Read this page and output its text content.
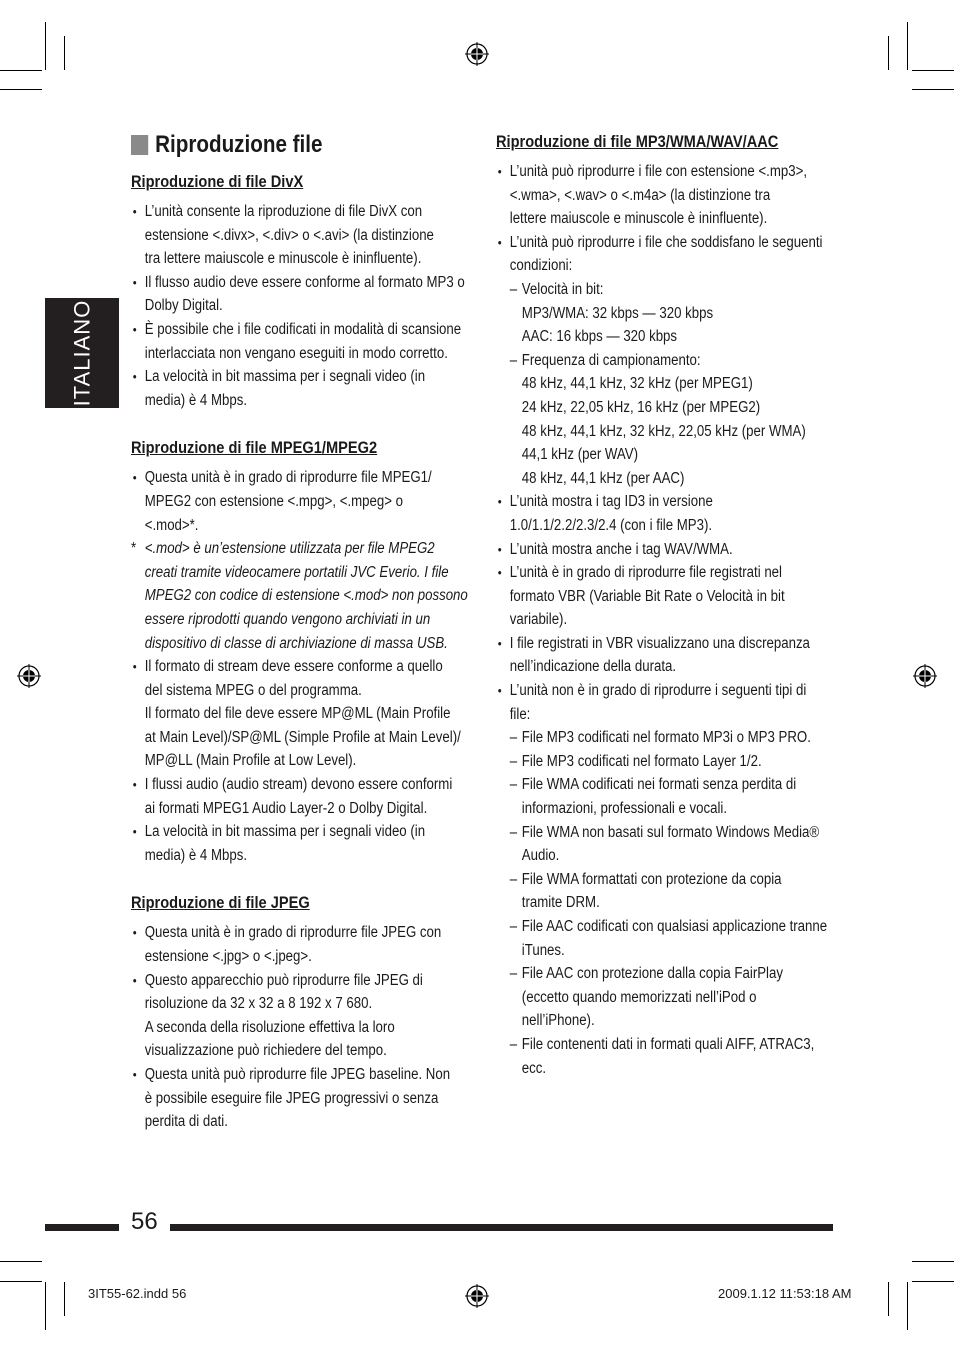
ITALIANO
Riproduzione file
Riproduzione di file DivX
• L’unità consente la riproduzione di file DivX con
estensione <.divx>, <.div> o <.avi> (la distinzione
tra lettere maiuscole e minuscole è ininfluente).
• Il flusso audio deve essere conforme al formato MP3 o
Dolby Digital.
• È possibile che i file codificati in modalità di scansione
interlacciata non vengano eseguiti in modo corretto.
• La velocità in bit massima per i segnali video (in
media) è 4 Mbps.
Riproduzione di file MPEG1/MPEG2
• Questa unità è in grado di riprodurre file MPEG1/
MPEG2 con estensione <.mpg>, <.mpeg> o
<.mod>*.
* <.mod> è un’estensione utilizzata per file MPEG2
creati tramite videocamere portatili JVC Everio. I file
MPEG2 con codice di estensione <.mod> non possono
essere riprodotti quando vengono archiviati in un
dispositivo di classe di archiviazione di massa USB.
• Il formato di stream deve essere conforme a quello
del sistema MPEG o del programma.
Il formato del file deve essere MP@ML (Main Profile
at Main Level)/SP@ML (Simple Profile at Main Level)/
MP@LL (Main Profile at Low Level).
• I flussi audio (audio stream) devono essere conformi
ai formati MPEG1 Audio Layer-2 o Dolby Digital.
• La velocità in bit massima per i segnali video (in
media) è 4 Mbps.
Riproduzione di file JPEG
• Questa unità è in grado di riprodurre file JPEG con
estensione <.jpg> o <.jpeg>.
• Questo apparecchio può riprodurre file JPEG di
risoluzione da 32 x 32 a 8 192 x 7 680.
A seconda della risoluzione effettiva la loro
visualizzazione può richiedere del tempo.
• Questa unità può riprodurre file JPEG baseline. Non
è possibile eseguire file JPEG progressivi o senza
perdita di dati.
Riproduzione di file MP3/WMA/WAV/AAC
• L’unità può riprodurre i file con estensione <.mp3>,
<.wma>, <.wav> o <.m4a> (la distinzione tra
lettere maiuscole e minuscole è ininfluente).
• L’unità può riprodurre i file che soddisfano le seguenti
condizioni:
– Velocità in bit:
MP3/WMA: 32 kbps — 320 kbps
AAC: 16 kbps — 320 kbps
– Frequenza di campionamento:
48 kHz, 44,1 kHz, 32 kHz (per MPEG1)
24 kHz, 22,05 kHz, 16 kHz (per MPEG2)
48 kHz, 44,1 kHz, 32 kHz, 22,05 kHz (per WMA)
44,1 kHz (per WAV)
48 kHz, 44,1 kHz (per AAC)
• L’unità mostra i tag ID3 in versione
1.0/1.1/2.2/2.3/2.4 (con i file MP3).
• L’unità mostra anche i tag WAV/WMA.
• L’unità è in grado di riprodurre file registrati nel
formato VBR (Variable Bit Rate o Velocità in bit
variabile).
• I file registrati in VBR visualizzano una discrepanza
nell’indicazione della durata.
• L’unità non è in grado di riprodurre i seguenti tipi di
file:
– File MP3 codificati nel formato MP3i o MP3 PRO.
– File MP3 codificati nel formato Layer 1/2.
– File WMA codificati nei formati senza perdita di
informazioni, professionali e vocali.
– File WMA non basati sul formato Windows Media®
Audio.
– File WMA formattati con protezione da copia
tramite DRM.
– File AAC codificati con qualsiasi applicazione tranne
iTunes.
– File AAC con protezione dalla copia FairPlay
(eccetto quando memorizzati nell’iPod o
nell’iPhone).
– File contenenti dati in formati quali AIFF, ATRAC3,
ecc.
56
3IT55-62.indd 56	2009.1.12 11:53:18 AM
